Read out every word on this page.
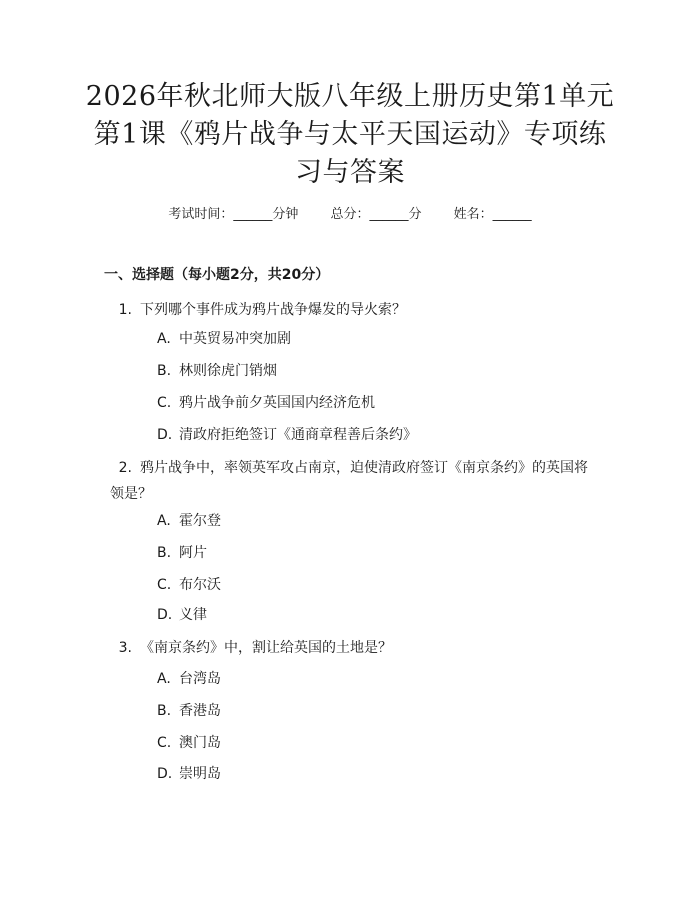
2026年秋北师大版八年级上册历史第1单元
第1课《鸦片战争与太平天国运动》专项练
习与答案
考试时间：______分钟 总分：______分 姓名：______
一、选择题（每小题2分，共20分）
1. 下列哪个事件成为鸦片战争爆发的导火索？
A. 中英贸易冲突加剧
B. 林则徐虎门销烟
C. 鸦片战争前夕英国国内经济危机
D. 清政府拒绝签订《通商章程善后条约》
2. 鸦片战争中，率领英军攻占南京，迫使清政府签订《南京条约》的英国将
领是？
A. 霍尔登
B. 阿片
C. 布尔沃
D. 义律
3. 《南京条约》中，割让给英国的土地是？
A. 台湾岛
B. 香港岛
C. 澳门岛
D. 崇明岛
